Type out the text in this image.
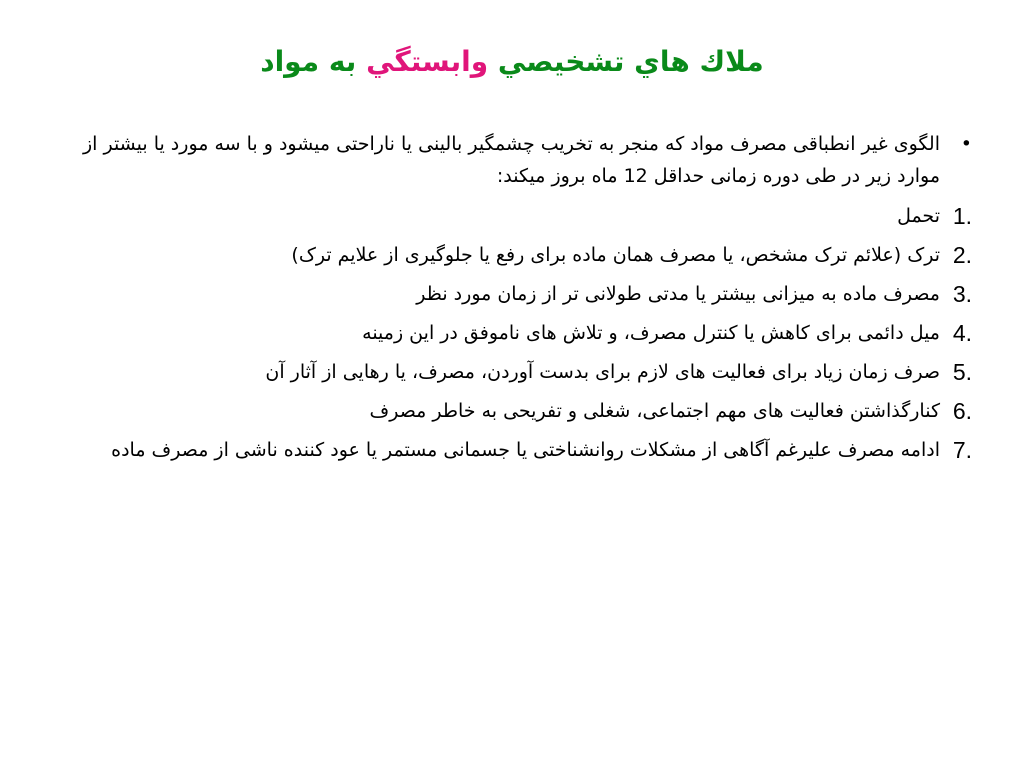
ملاك هاي تشخيصي وابستگي به مواد
•
الگوی غیر انطباقی مصرف مواد که منجر به تخریب چشمگیر بالینی یا ناراحتی میشود و با سه مورد یا بیشتر از موارد زیر در طی دوره زمانی حداقل 12 ماه بروز میکند:
1.
تحمل
2.
ترک (علائم ترک مشخص، یا مصرف همان ماده برای رفع یا جلوگیری از علایم ترک)
3.
مصرف ماده به میزانی بیشتر یا مدتی طولانی تر از زمان مورد نظر
4.
میل دائمی برای کاهش یا کنترل مصرف، و تلاش های ناموفق در این زمینه
5.
صرف زمان زیاد برای فعالیت های لازم برای بدست آوردن، مصرف، یا رهایی از آثار آن
6.
کنارگذاشتن فعالیت های مهم اجتماعی، شغلی و تفریحی به خاطر مصرف
7.
ادامه مصرف علیرغم آگاهی از مشکلات روانشناختی یا جسمانی مستمر یا عود کننده ناشی از مصرف ماده
